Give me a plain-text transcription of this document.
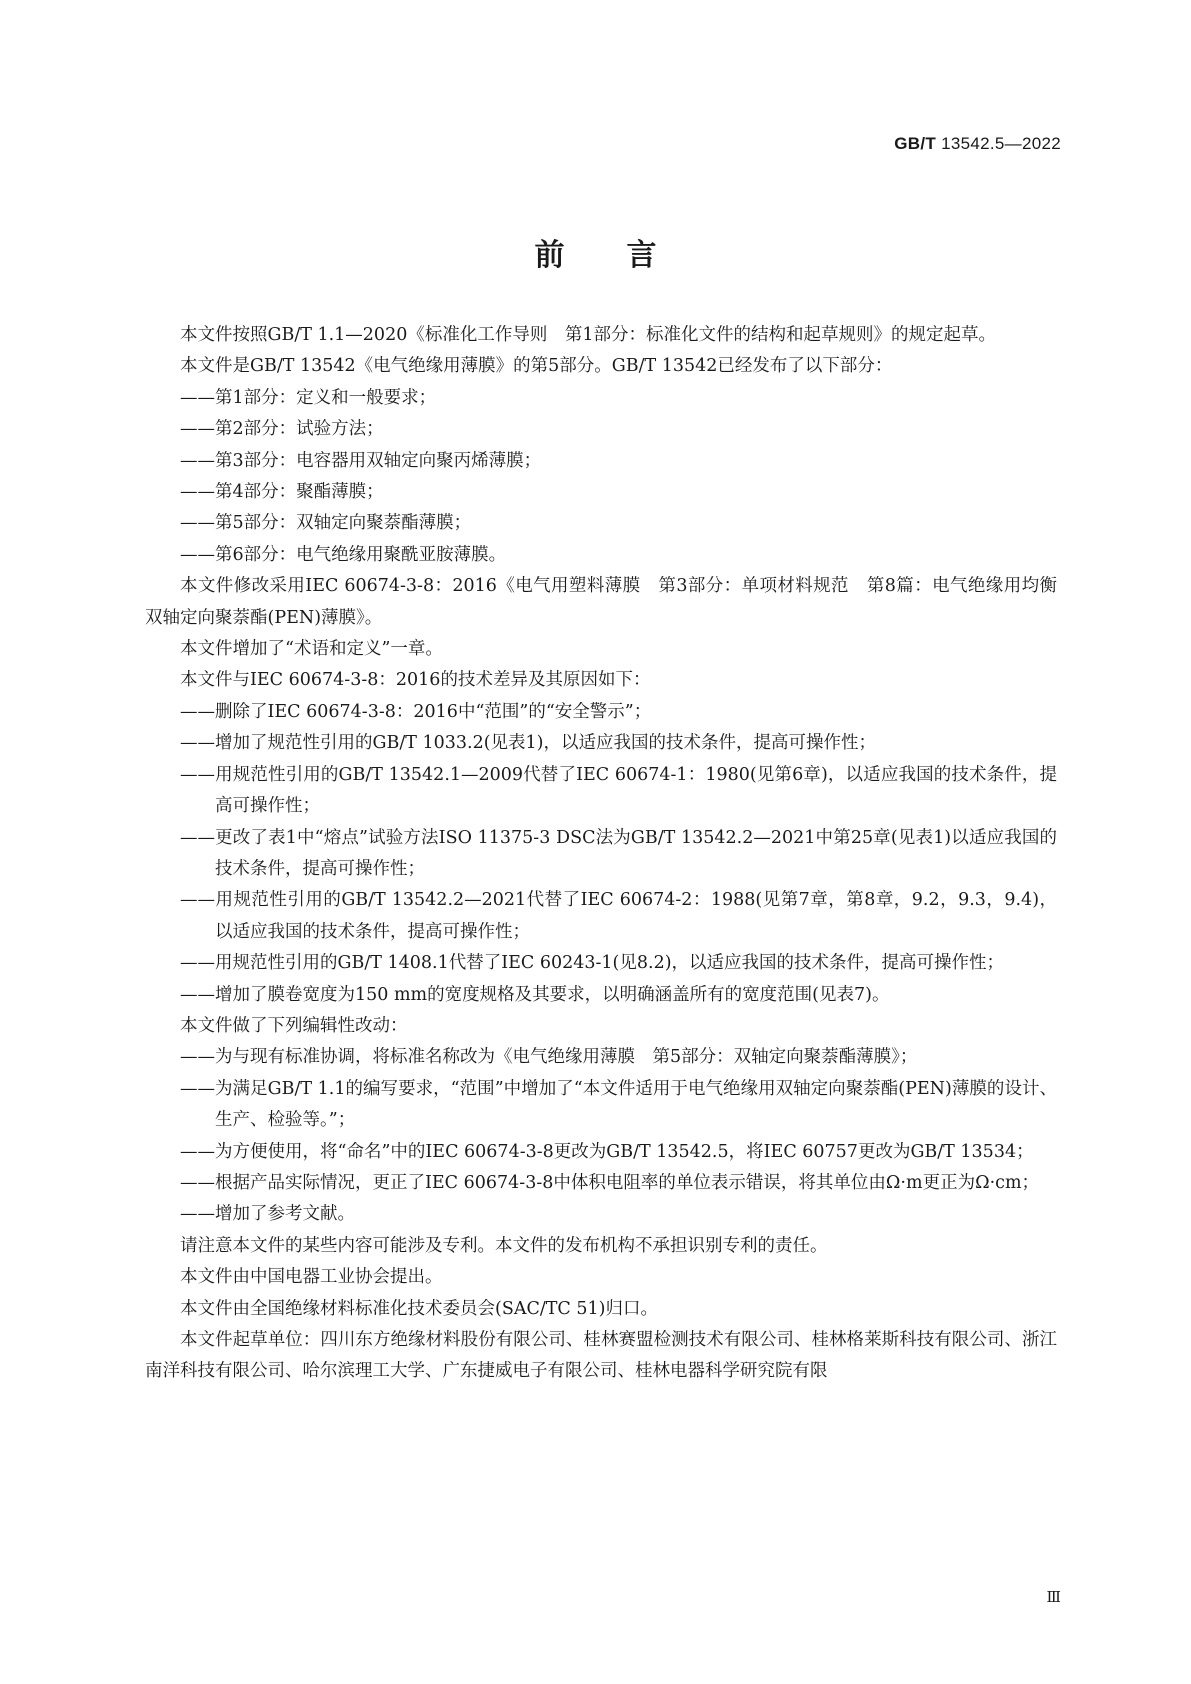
GB/T 13542.5—2022
前言

本文件按照GB/T 1.1—2020《标准化工作导则　第1部分：标准化文件的结构和起草规则》的规定起草。

本文件是GB/T 13542《电气绝缘用薄膜》的第5部分。GB/T 13542已经发布了以下部分：

——第1部分：定义和一般要求；

——第2部分：试验方法；

——第3部分：电容器用双轴定向聚丙烯薄膜；

——第4部分：聚酯薄膜；

——第5部分：双轴定向聚萘酯薄膜；

——第6部分：电气绝缘用聚酰亚胺薄膜。

本文件修改采用IEC 60674-3-8：2016《电气用塑料薄膜　第3部分：单项材料规范　第8篇：电气绝缘用均衡双轴定向聚萘酯(PEN)薄膜》。

本文件增加了“术语和定义”一章。

本文件与IEC 60674-3-8：2016的技术差异及其原因如下：

——删除了IEC 60674-3-8：2016中“范围”的“安全警示”；

——增加了规范性引用的GB/T 1033.2(见表1)，以适应我国的技术条件，提高可操作性；

——用规范性引用的GB/T 13542.1—2009代替了IEC 60674-1：1980(见第6章)，以适应我国的技术条件，提高可操作性；

——更改了表1中“熔点”试验方法ISO 11375-3 DSC法为GB/T 13542.2—2021中第25章(见表1)以适应我国的技术条件，提高可操作性；

——用规范性引用的GB/T 13542.2—2021代替了IEC 60674-2：1988(见第7章，第8章，9.2，9.3，9.4)，以适应我国的技术条件，提高可操作性；

——用规范性引用的GB/T 1408.1代替了IEC 60243-1(见8.2)，以适应我国的技术条件，提高可操作性；

——增加了膜卷宽度为150 mm的宽度规格及其要求，以明确涵盖所有的宽度范围(见表7)。

本文件做了下列编辑性改动：

——为与现有标准协调，将标准名称改为《电气绝缘用薄膜　第5部分：双轴定向聚萘酯薄膜》；

——为满足GB/T 1.1的编写要求，“范围”中增加了“本文件适用于电气绝缘用双轴定向聚萘酯(PEN)薄膜的设计、生产、检验等。”；

——为方便使用，将“命名”中的IEC 60674-3-8更改为GB/T 13542.5，将IEC 60757更改为GB/T 13534；

——根据产品实际情况，更正了IEC 60674-3-8中体积电阻率的单位表示错误，将其单位由Ω·m更正为Ω·cm；

——增加了参考文献。

请注意本文件的某些内容可能涉及专利。本文件的发布机构不承担识别专利的责任。

本文件由中国电器工业协会提出。

本文件由全国绝缘材料标准化技术委员会(SAC/TC 51)归口。

本文件起草单位：四川东方绝缘材料股份有限公司、桂林赛盟检测技术有限公司、桂林格莱斯科技有限公司、浙江南洋科技有限公司、哈尔滨理工大学、广东捷威电子有限公司、桂林电器科学研究院有限

Ⅲ
